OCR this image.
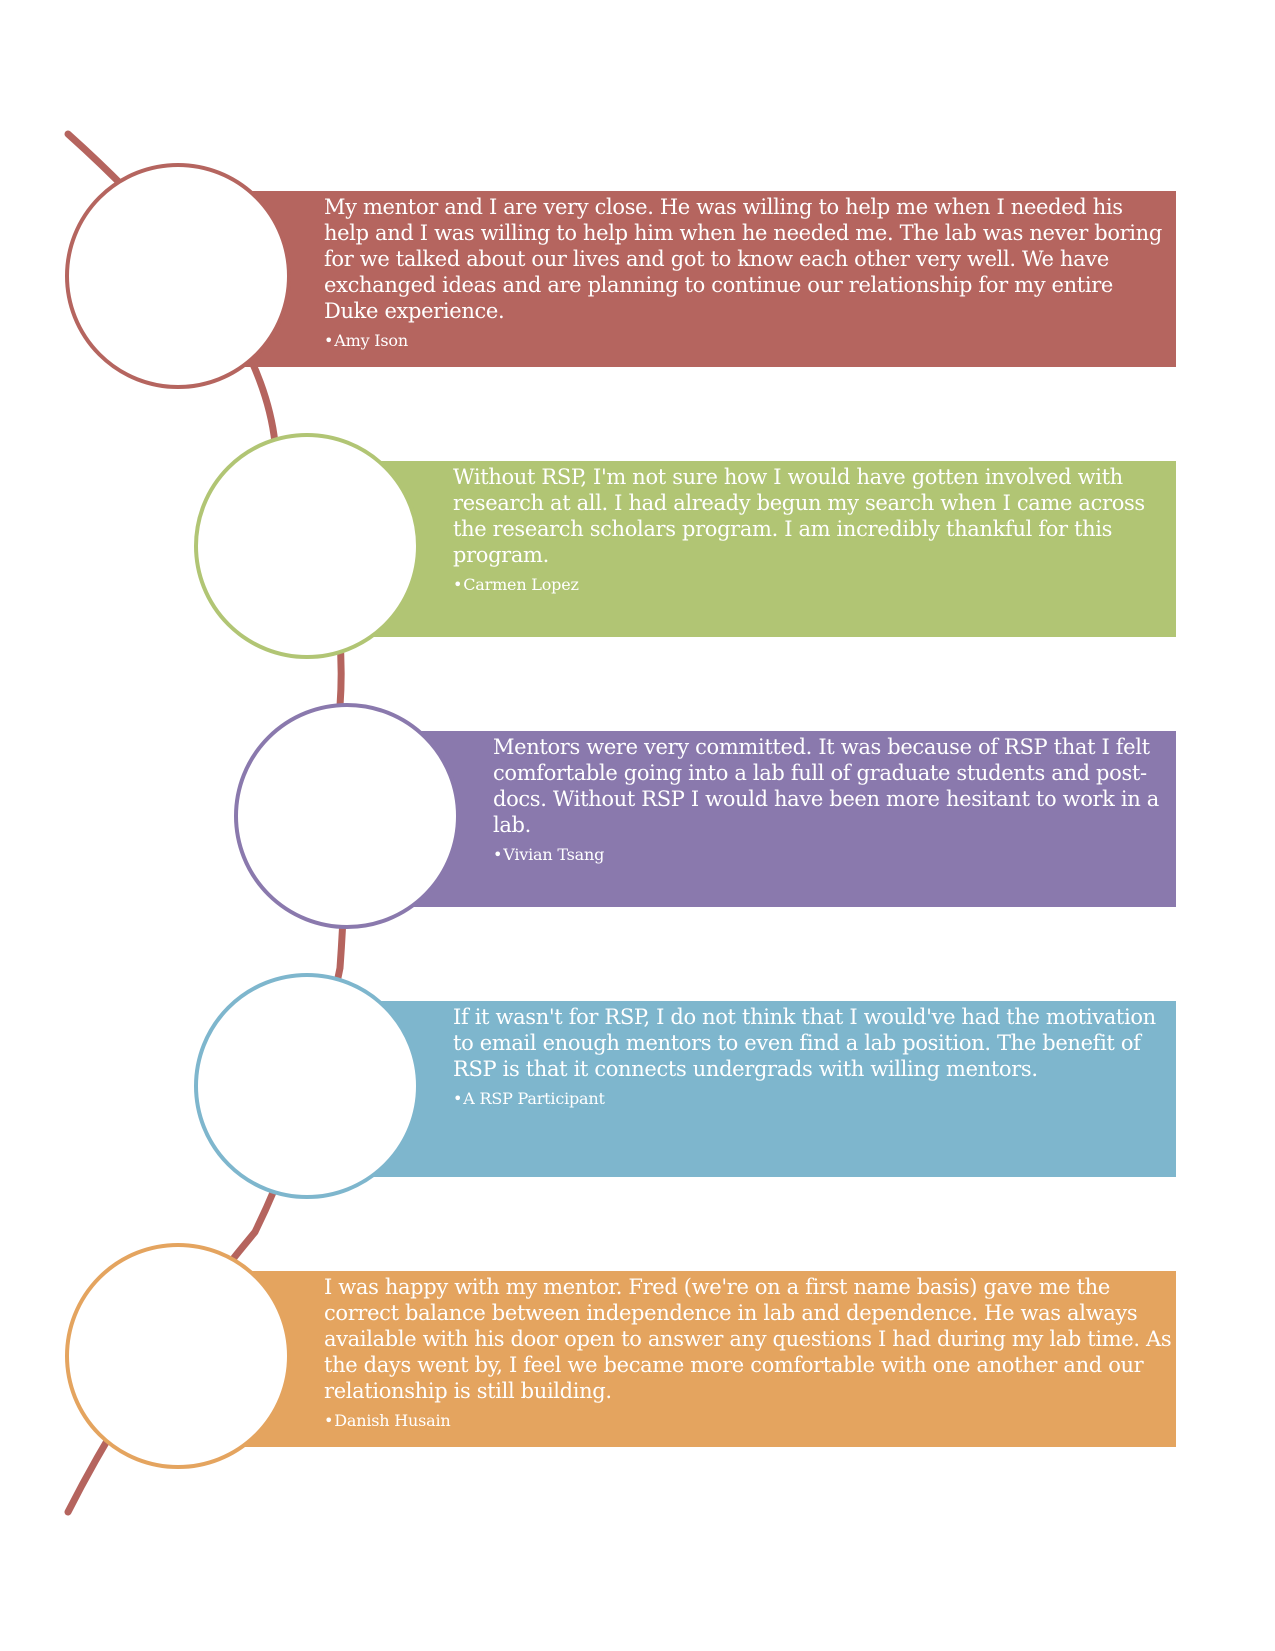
My mentor and I are very close. He was willing to help me when I needed his help and I was willing to help him when he needed me. The lab was never boring for we talked about our lives and got to know each other very well. We have exchanged ideas and are planning to continue our relationship for my entire Duke experience.

•Amy Ison

Without RSP, I'm not sure how I would have gotten involved with research at all. I had already begun my search when I came across the research scholars program. I am incredibly thankful for this program.

•Carmen Lopez

Mentors were very committed. It was because of RSP that I felt comfortable going into a lab full of graduate students and post-docs. Without RSP I would have been more hesitant to work in a lab.

•Vivian Tsang

If it wasn't for RSP, I do not think that I would've had the motivation to email enough mentors to even find a lab position. The benefit of RSP is that it connects undergrads with willing mentors.

•A RSP Participant

I was happy with my mentor. Fred (we're on a first name basis) gave me the correct balance between independence in lab and dependence. He was always available with his door open to answer any questions I had during my lab time. As the days went by, I feel we became more comfortable with one another and our relationship is still building.

•Danish Husain
